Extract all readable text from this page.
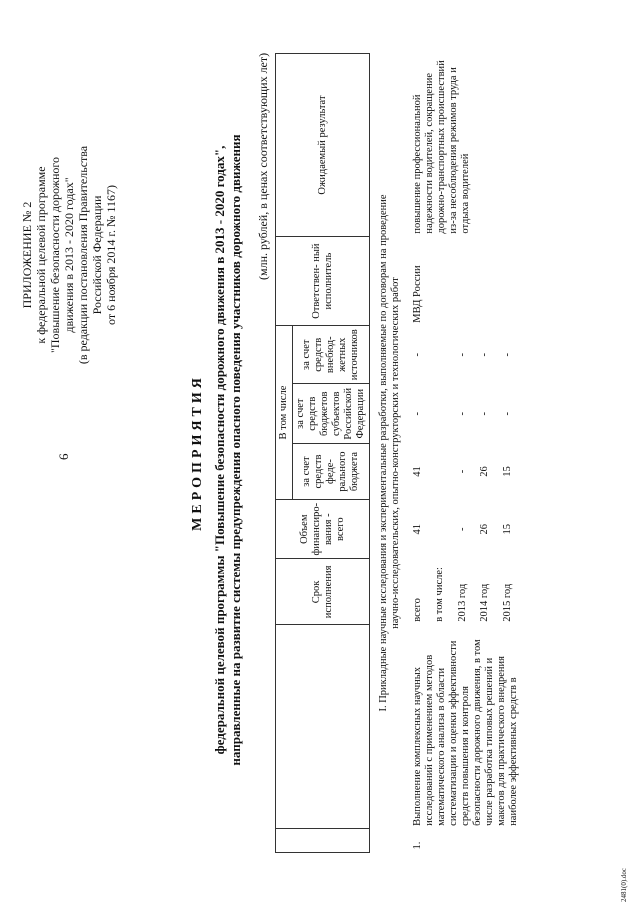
6
ПРИЛОЖЕНИЕ № 2 к федеральной целевой программе "Повышение безопасности дорожного движения в 2013 - 2020 годах" (в редакции постановления Правительства Российской Федерации от 6 ноября 2014 г. № 1167)
МЕРОПРИЯТИЯ федеральной целевой программы "Повышение безопасности дорожного движения в 2013 - 2020 годах", направленные на развитие системы предупреждения опасного поведения участников дорожного движения (млн. рублей, в ценах соответствующих лет)
		Срок исполнения	Объем финансиро- вания - всего	В том числе			Ответствен- ный исполнитель	Ожидаемый результат
				за счет средств феде- рального бюджета	за счет средств бюджетов субъектов Российской Федерации	за счет средств внебюд- жетных источников		

I. Прикладные научные исследования и экспериментальные разработки, выполняемые по договорам на проведение научно-исследовательских, опытно-конструкторских и технологических работ								

1.	Выполнение комплексных научных исследований с применением методов математического анализа в области систематизации и оценки эффективности средств повышения и контроля безопасности дорожного движения, в том числе разработка типовых решений и макетов для практического внедрения наиболее эффективных средств в	всего	41	41	-	-	МВД России	повышение профессиональной надежности водителей, сокращение дорожно-транспортных происшествий из-за несоблюдения режимов труда и отдыха водителей
		в том числе:						
		2013 год	-	-	-	-		
		2014 год	26	26	-	-		
		2015 год	15	15	-	-		
2481(0).doc
